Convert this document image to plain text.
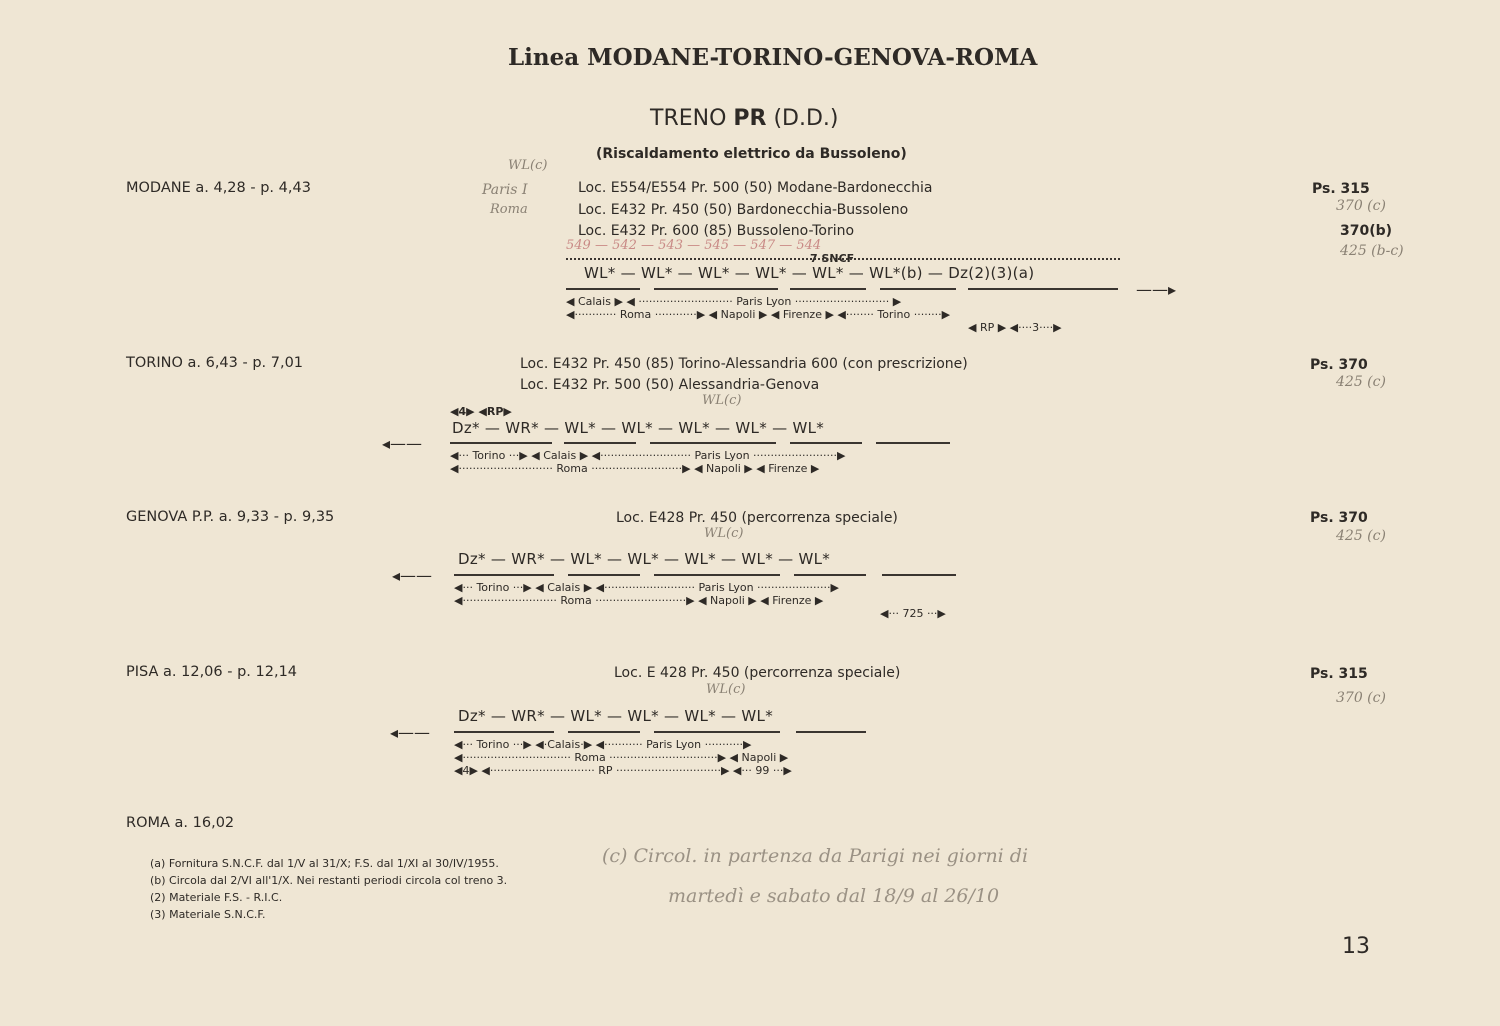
Linea MODANE-TORINO-GENOVA-ROMA
TRENO PR (D.D.)
(Riscaldamento elettrico da Bussoleno)
MODANE a. 4,28 - p. 4,43	Paris I
Roma
WL(c)
Loc. E554/E554 Pr. 500 (50) Modane-Bardonecchia
Loc. E432 Pr. 450 (50) Bardonecchia-Bussoleno
Loc. E432 Pr. 600 (85) Bussoleno-Torino
Ps. 315
370 (c)
370(b)
425 (b-c)
549 — 542 — 543 — 545 — 547 — 544
7 SNCF
WL* — WL* — WL* — WL* — WL* — WL*(b) — Dz(2)(3)(a)
——▸
◀ Calais ▶ ◀ ··························· Paris Lyon ··························· ▶
◀············ Roma ············▶ ◀ Napoli ▶ ◀ Firenze ▶ ◀········ Torino ········▶
◀ RP ▶ ◀····3····▶
TORINO a. 6,43 - p. 7,01	Loc. E432 Pr. 450 (85) Torino-Alessandria 600 (con prescrizione)
Loc. E432 Pr. 500 (50) Alessandria-Genova
Ps. 370
425 (c)
◀4▶ ◀RP▶
WL(c)
Dz* — WR* — WL* — WL* — WL* — WL* — WL*
◂——
◀··· Torino ···▶ ◀ Calais ▶ ◀·························· Paris Lyon ························▶
◀··························· Roma ··························▶ ◀ Napoli ▶ ◀ Firenze ▶
GENOVA P.P. a. 9,33 - p. 9,35	Loc. E428 Pr. 450 (percorrenza speciale)	Ps. 370
425 (c)
WL(c)
Dz* — WR* — WL* — WL* — WL* — WL* — WL*
◂——
◀··· Torino ···▶ ◀ Calais ▶ ◀·························· Paris Lyon ·····················▶
◀··························· Roma ··························▶ ◀ Napoli ▶ ◀ Firenze ▶
◀··· 725 ···▶
PISA a. 12,06 - p. 12,14	Loc. E 428 Pr. 450 (percorrenza speciale)	Ps. 315
370 (c)
WL(c)
Dz* — WR* — WL* — WL* — WL* — WL*
◂——
◀··· Torino ···▶ ◀·Calais·▶ ◀··········· Paris Lyon ···········▶
◀······························· Roma ·······························▶ ◀ Napoli ▶
◀4▶ ◀······························ RP ······························▶ ◀··· 99 ···▶
ROMA a. 16,02
(a) Fornitura S.N.C.F. dal 1/V al 31/X; F.S. dal 1/XI al 30/IV/1955.
(b) Circola dal 2/VI all'1/X. Nei restanti periodi circola col treno 3.
(2) Materiale F.S. - R.I.C.
(3) Materiale S.N.C.F.
(c) Circol. in partenza da Parigi nei giorni di
martedì e sabato dal 18/9 al 26/10
13
